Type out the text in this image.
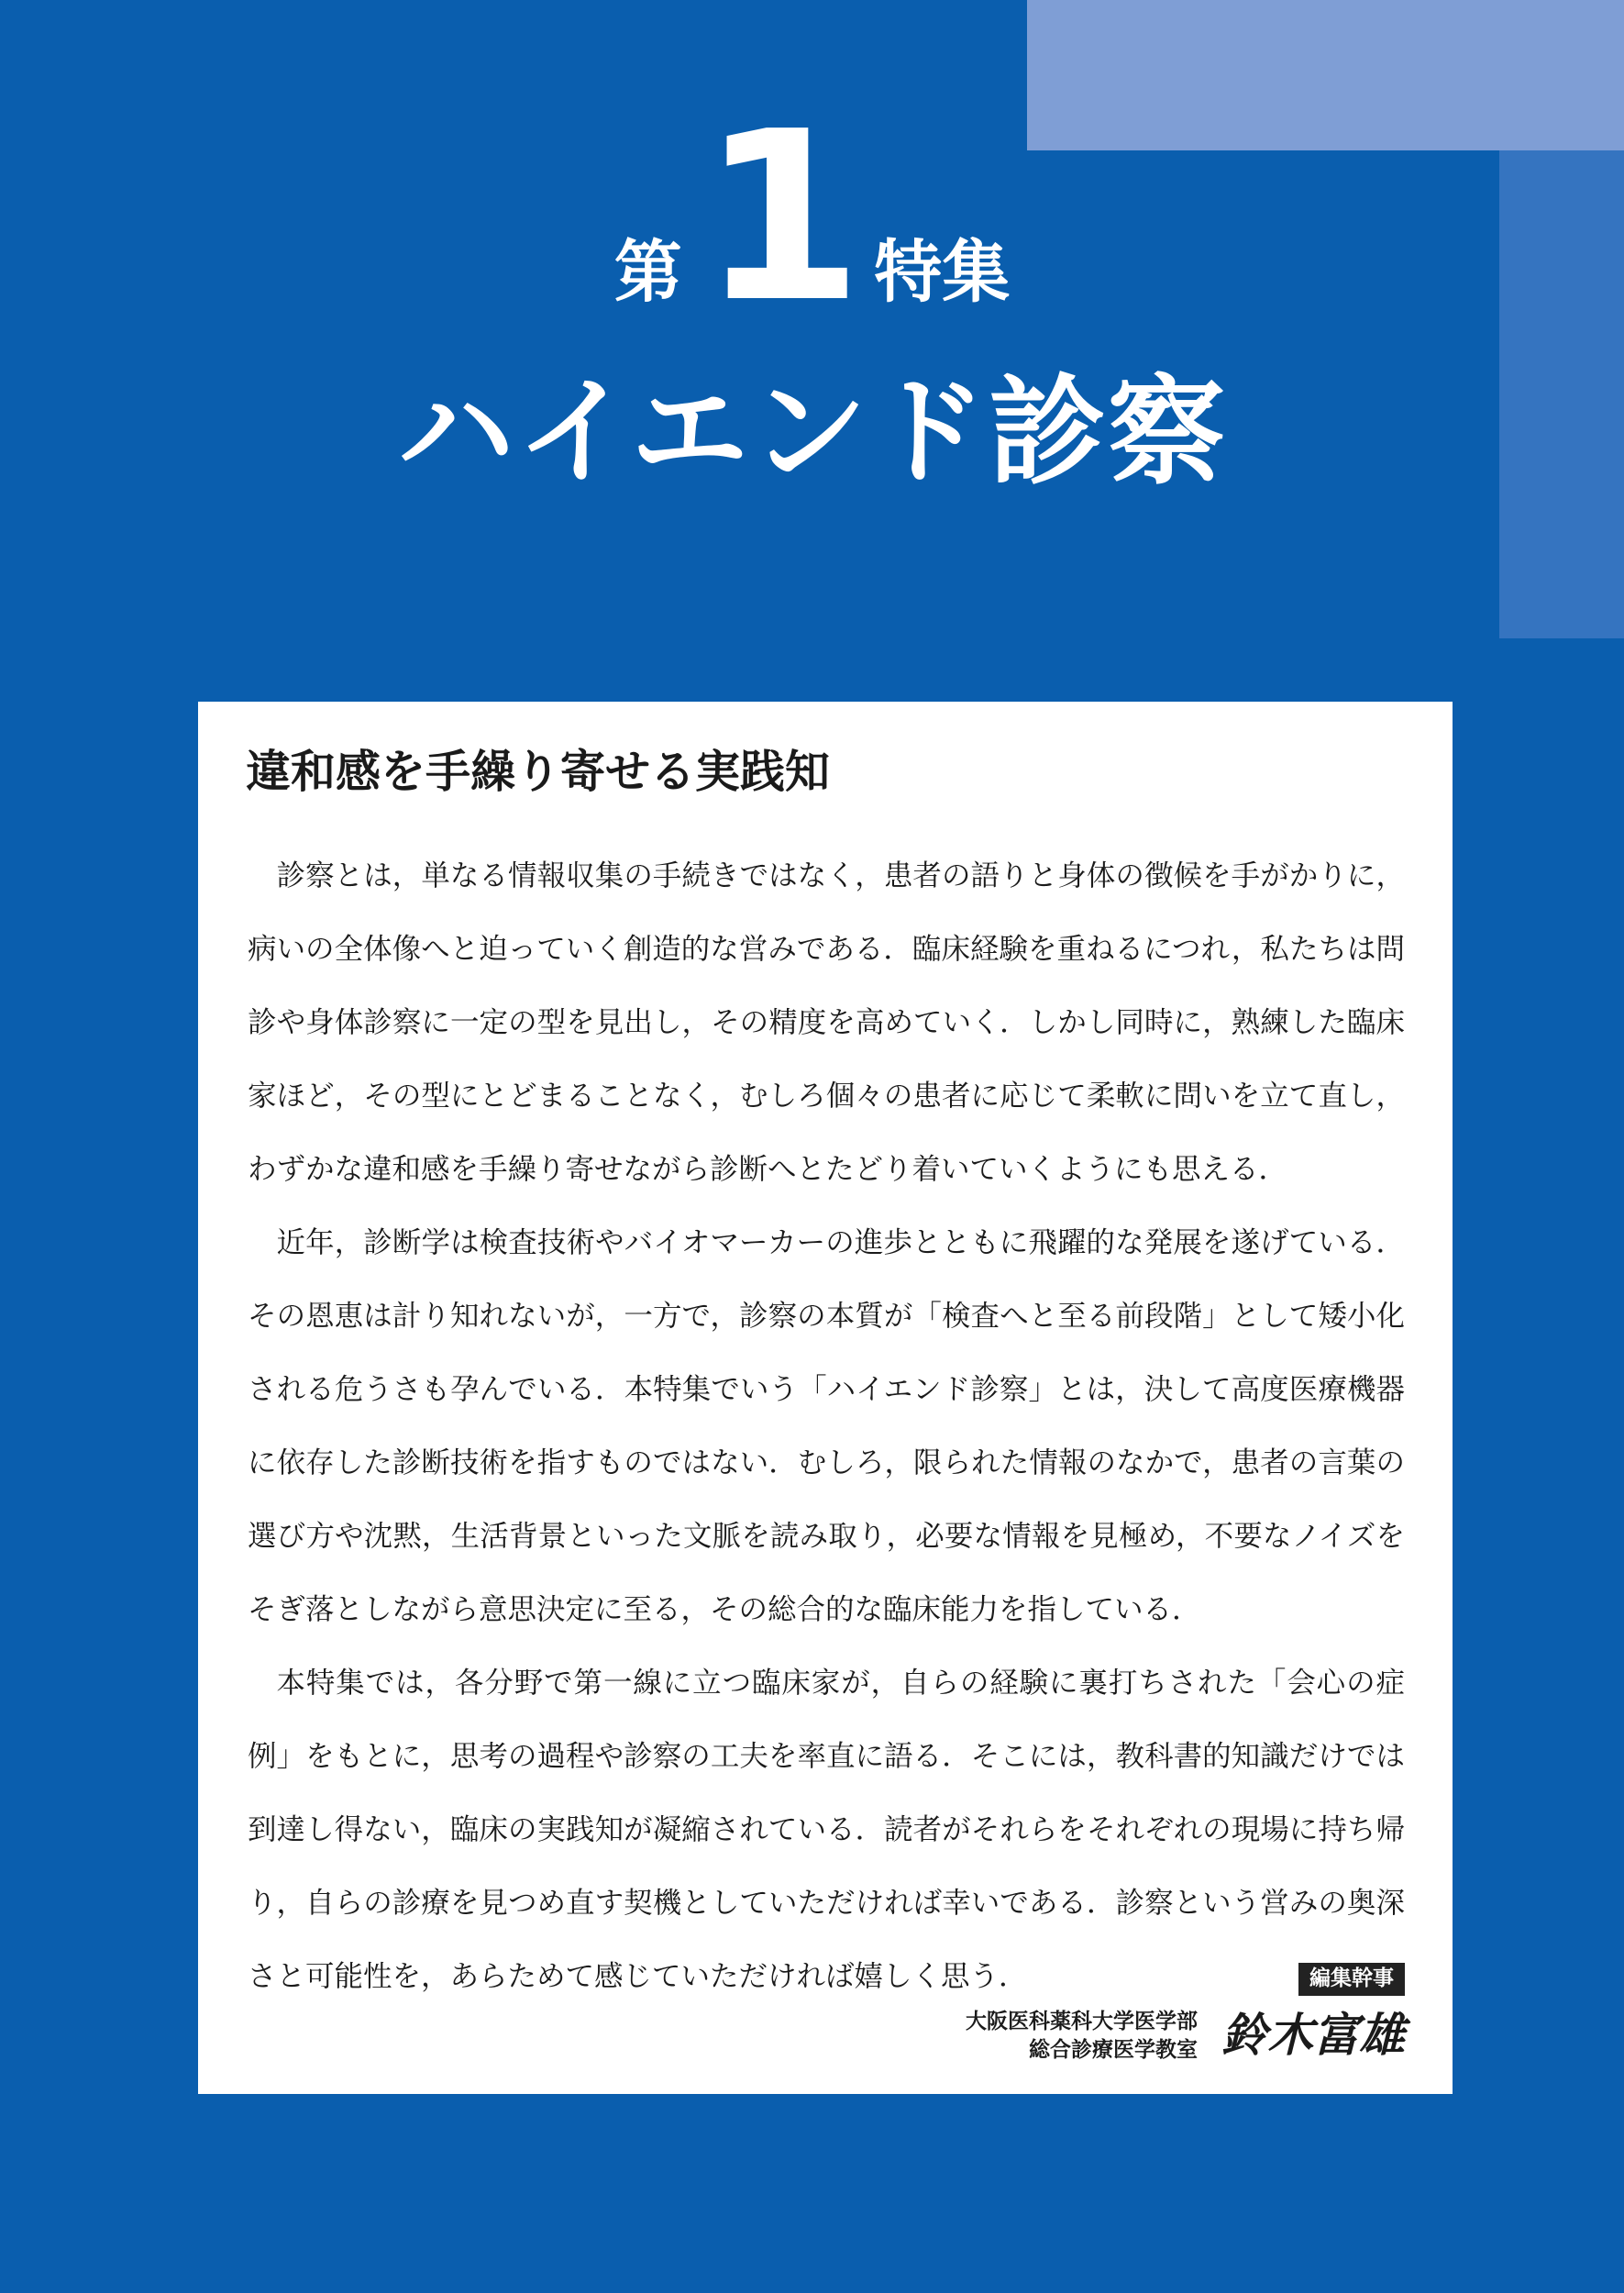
第 1 特集
ハイエンド診察
違和感を手繰り寄せる実践知

診察とは，単なる情報収集の手続きではなく，患者の語りと身体の徴候を手がかりに，病いの全体像へと迫っていく創造的な営みである．臨床経験を重ねるにつれ，私たちは問診や身体診察に一定の型を見出し，その精度を高めていく．しかし同時に，熟練した臨床家ほど，その型にとどまることなく，むしろ個々の患者に応じて柔軟に問いを立て直し，わずかな違和感を手繰り寄せながら診断へとたどり着いていくようにも思える．

近年，診断学は検査技術やバイオマーカーの進歩とともに飛躍的な発展を遂げている．その恩恵は計り知れないが，一方で，診察の本質が「検査へと至る前段階」として矮小化される危うさも孕んでいる．本特集でいう「ハイエンド診察」とは，決して高度医療機器に依存した診断技術を指すものではない．むしろ，限られた情報のなかで，患者の言葉の選び方や沈黙，生活背景といった文脈を読み取り，必要な情報を見極め，不要なノイズをそぎ落としながら意思決定に至る，その総合的な臨床能力を指している．

本特集では，各分野で第一線に立つ臨床家が，自らの経験に裏打ちされた「会心の症例」をもとに，思考の過程や診察の工夫を率直に語る．そこには，教科書的知識だけでは到達し得ない，臨床の実践知が凝縮されている．読者がそれらをそれぞれの現場に持ち帰り，自らの診療を見つめ直す契機としていただければ幸いである．診察という営みの奥深さと可能性を，あらためて感じていただければ嬉しく思う．	編集幹事
大阪医科薬科大学医学部
総合診療医学教室 鈴木富雄
